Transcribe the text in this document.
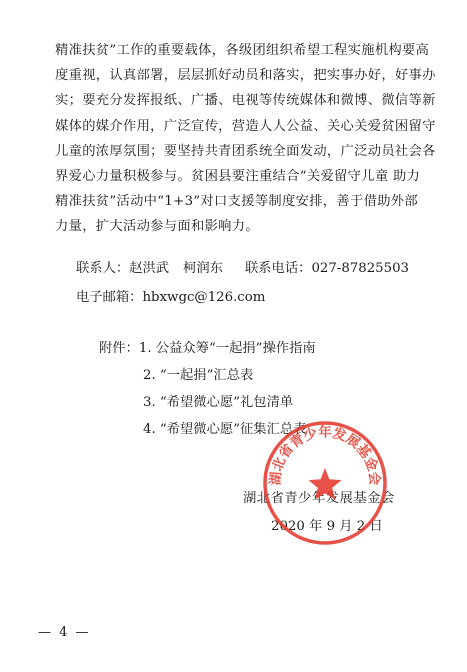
精准扶贫”工作的重要载体，各级团组织希望工程实施机构要高
度重视，认真部署，层层抓好动员和落实，把实事办好，好事办
实；要充分发挥报纸、广播、电视等传统媒体和微博、微信等新
媒体的媒介作用，广泛宣传，营造人人公益、关心关爱贫困留守
儿童的浓厚氛围；要坚持共青团系统全面发动，广泛动员社会各
界爱心力量积极参与。贫困县要注重结合“关爱留守儿童 助力
精准扶贫”活动中“1+3”对口支援等制度安排，善于借助外部
力量，扩大活动参与面和影响力。
联系人：赵洪武 柯润东 联系电话：027-87825503
电子邮箱：hbxwgc@126.com
附件：1. 公益众筹“一起捐”操作指南
2. “一起捐”汇总表
3. “希望微心愿”礼包清单
4. “希望微心愿”征集汇总表
湖北省青少年发展基金会
2020 年 9 月 2 日
湖北省青少年发展基金会
— 4 —
